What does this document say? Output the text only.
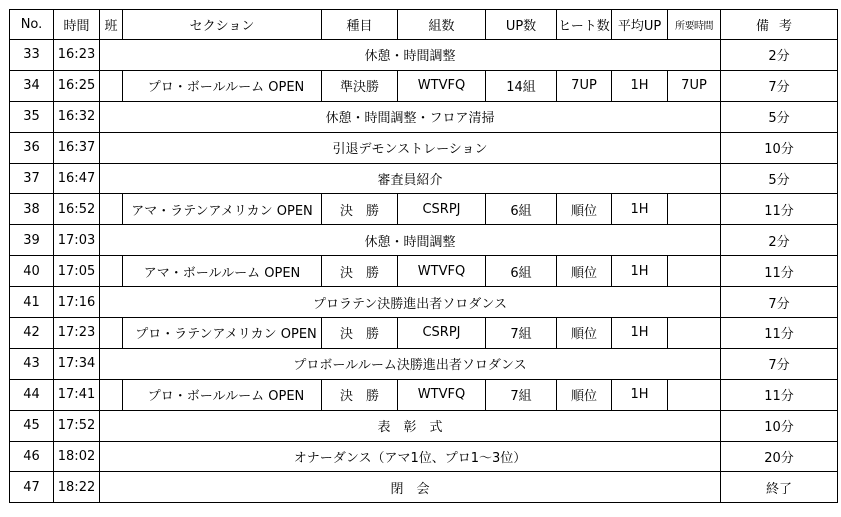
No.	時間	班	セクション	種目	組数	UP数	ヒート数	平均UP	所要時間	備考	
33	16:23	休憩・時間調整								2分	
34	16:25		プロ・ボールルーム OPEN	準決勝	WTVFQ	14組	7UP	1H	7UP	7分	
35	16:32	休憩・時間調整・フロア清掃								5分	
36	16:37	引退デモンストレーション								10分	
37	16:47	審査員紹介								5分	
38	16:52		アマ・ラテンアメリカン OPEN	決　勝	CSRPJ	6組	順位	1H		11分	
39	17:03	休憩・時間調整								2分	
40	17:05		アマ・ボールルーム OPEN	決　勝	WTVFQ	6組	順位	1H		11分	
41	17:16	プロラテン決勝進出者ソロダンス								7分	
42	17:23		プロ・ラテンアメリカン OPEN	決　勝	CSRPJ	7組	順位	1H		11分	
43	17:34	プロボールルーム決勝進出者ソロダンス								7分	
44	17:41		プロ・ボールルーム OPEN	決　勝	WTVFQ	7組	順位	1H		11分	
45	17:52	表　彰　式								10分	
46	18:02	オナーダンス（アマ1位、プロ1～3位）								20分	
47	18:22	閉　会								終了	
